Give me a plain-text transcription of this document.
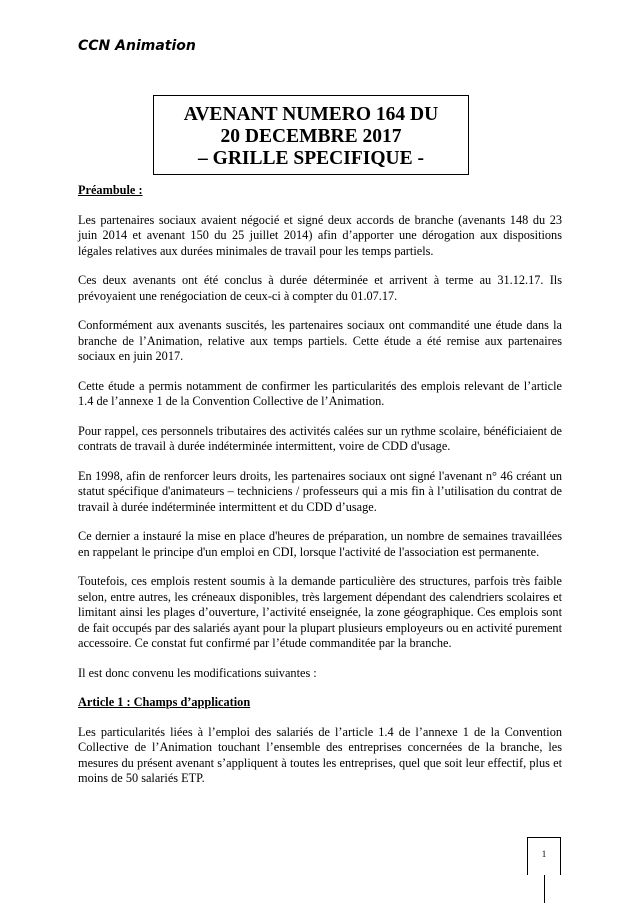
CCN Animation
AVENANT NUMERO 164 DU
20 DECEMBRE 2017
– GRILLE SPECIFIQUE -

Préambule :

Les partenaires sociaux avaient négocié et signé deux accords de branche (avenants 148 du 23 juin 2014 et avenant 150 du 25 juillet 2014) afin d’apporter une dérogation aux dispositions légales relatives aux durées minimales de travail pour les temps partiels.

Ces deux avenants ont été conclus à durée déterminée et arrivent à terme au 31.12.17. Ils prévoyaient une renégociation de ceux-ci à compter du 01.07.17.

Conformément aux avenants suscités, les partenaires sociaux ont commandité une étude dans la branche de l’Animation, relative aux temps partiels. Cette étude a été remise aux partenaires sociaux en juin 2017.

Cette étude a permis notamment de confirmer les particularités des emplois relevant de l’article 1.4 de l’annexe 1 de la Convention Collective de l’Animation.

Pour rappel, ces personnels tributaires des activités calées sur un rythme scolaire, bénéficiaient de contrats de travail à durée indéterminée intermittent, voire de CDD d'usage.

En 1998, afin de renforcer leurs droits, les partenaires sociaux ont signé l'avenant n° 46 créant un statut spécifique d'animateurs – techniciens / professeurs qui a mis fin à l’utilisation du contrat de travail à durée indéterminée intermittent et du CDD d’usage.

Ce dernier a instauré la mise en place d'heures de préparation, un nombre de semaines travaillées en rappelant le principe d'un emploi en CDI, lorsque l'activité de l'association est permanente.

Toutefois, ces emplois restent soumis à la demande particulière des structures, parfois très faible selon, entre autres, les créneaux disponibles, très largement dépendant des calendriers scolaires et limitant ainsi les plages d’ouverture, l’activité enseignée, la zone géographique. Ces emplois sont de fait occupés par des salariés ayant pour la plupart plusieurs employeurs ou en activité purement accessoire. Ce constat fut confirmé par l’étude commanditée par la branche.

Il est donc convenu les modifications suivantes :

Article 1 : Champs d’application

Les particularités liées à l’emploi des salariés de l’article 1.4 de l’annexe 1 de la Convention Collective de l’Animation touchant l’ensemble des entreprises concernées de la branche, les mesures du présent avenant s’appliquent à toutes les entreprises, quel que soit leur effectif, plus et moins de 50 salariés ETP.

1
